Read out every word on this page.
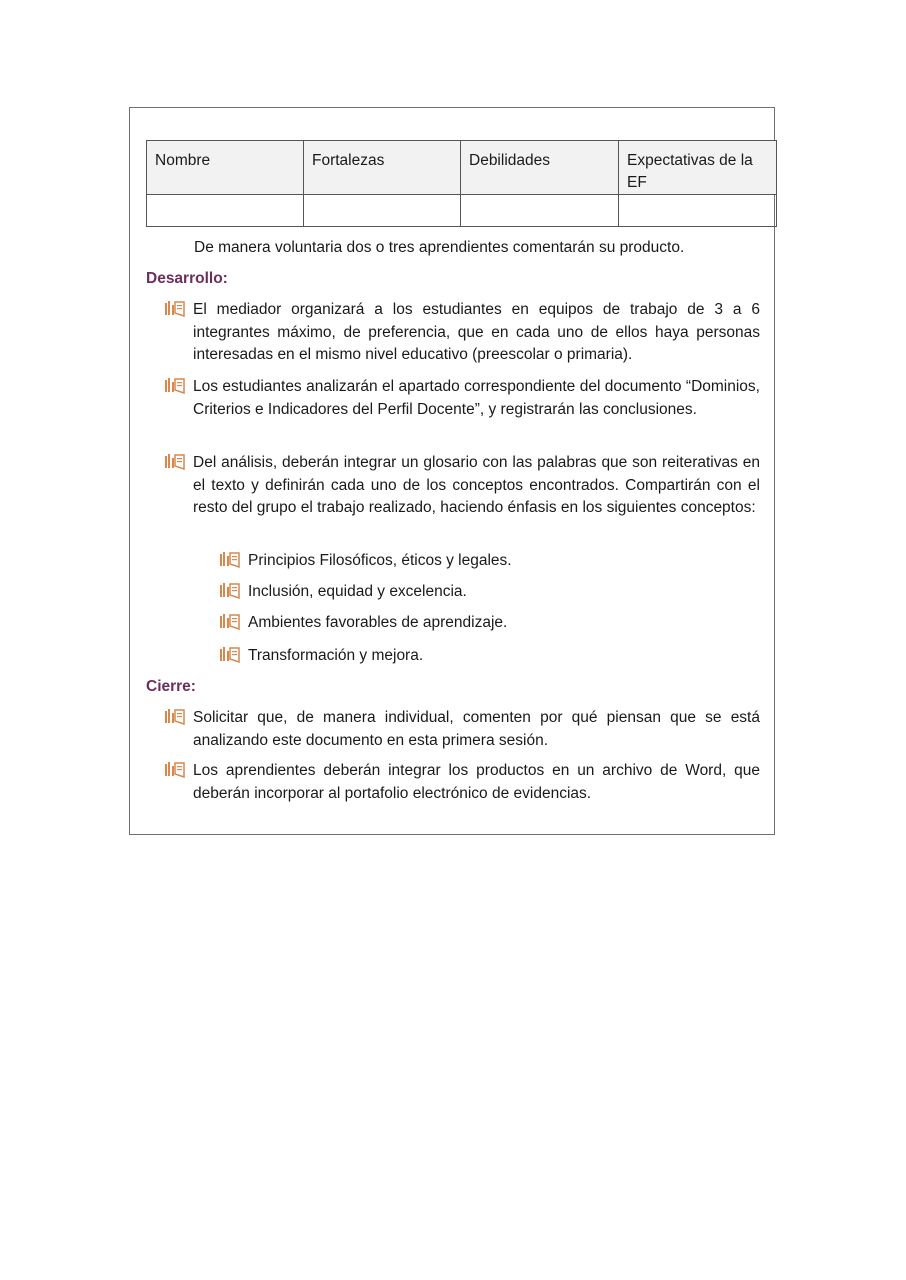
Nombre	Fortalezas	Debilidades	Expectativas de la EF

De manera voluntaria dos o tres aprendientes comentarán su producto.
Desarrollo:
El mediador organizará a los estudiantes en equipos de trabajo de 3 a 6 integrantes máximo, de preferencia, que en cada uno de ellos haya personas interesadas en el mismo nivel educativo (preescolar o primaria).
Los estudiantes analizarán el apartado correspondiente del documento “Dominios, Criterios e Indicadores del Perfil Docente”, y registrarán las conclusiones.
Del análisis, deberán integrar un glosario con las palabras que son reiterativas en el texto y definirán cada uno de los conceptos encontrados. Compartirán con el resto del grupo el trabajo realizado, haciendo énfasis en los siguientes conceptos:
Principios Filosóficos, éticos y legales.
Inclusión, equidad y excelencia.
Ambientes favorables de aprendizaje.
Transformación y mejora.
Cierre:
Solicitar que, de manera individual, comenten por qué piensan que se está analizando este documento en esta primera sesión.
Los aprendientes deberán integrar los productos en un archivo de Word, que deberán incorporar al portafolio electrónico de evidencias.
